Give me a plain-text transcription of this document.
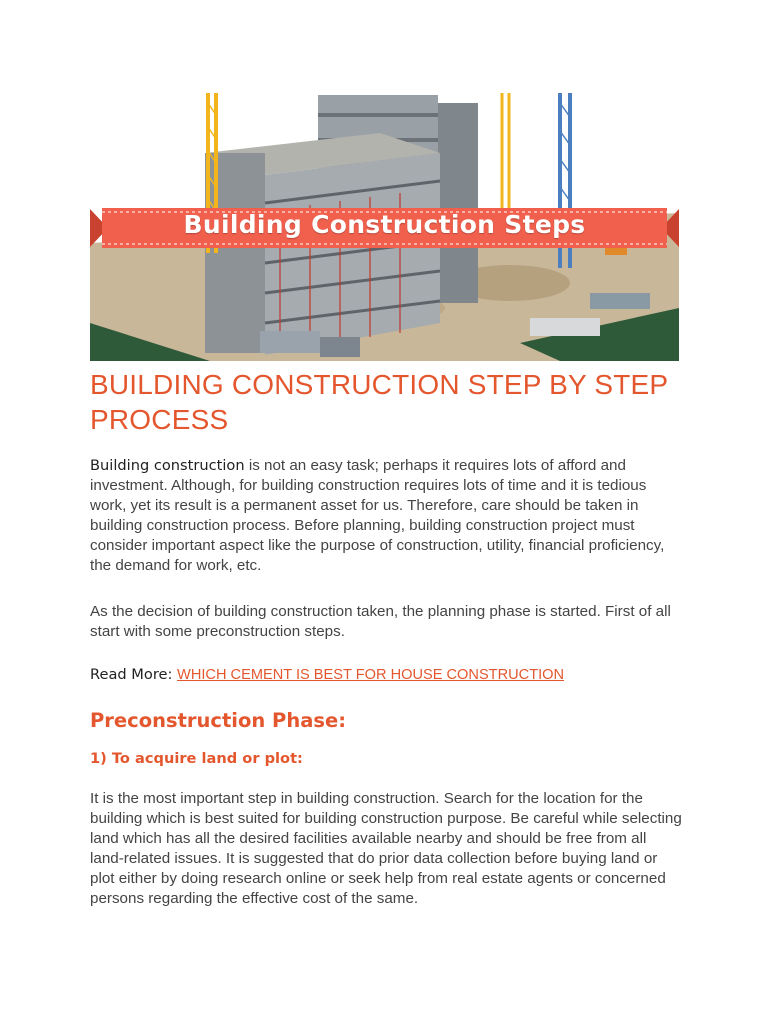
Building Construction Steps
BUILDING CONSTRUCTION STEP BY STEP PROCESS

Building construction is not an easy task; perhaps it requires lots of afford and investment. Although, for building construction requires lots of time and it is tedious work, yet its result is a permanent asset for us. Therefore, care should be taken in building construction process. Before planning, building construction project must consider important aspect like the purpose of construction, utility, financial proficiency, the demand for work, etc.

As the decision of building construction taken, the planning phase is started. First of all start with some preconstruction steps.

Read More: WHICH CEMENT IS BEST FOR HOUSE CONSTRUCTION

Preconstruction Phase:
1) To acquire land or plot:

It is the most important step in building construction. Search for the location for the building which is best suited for building construction purpose. Be careful while selecting land which has all the desired facilities available nearby and should be free from all land-related issues. It is suggested that do prior data collection before buying land or plot either by doing research online or seek help from real estate agents or concerned persons regarding the effective cost of the same.
